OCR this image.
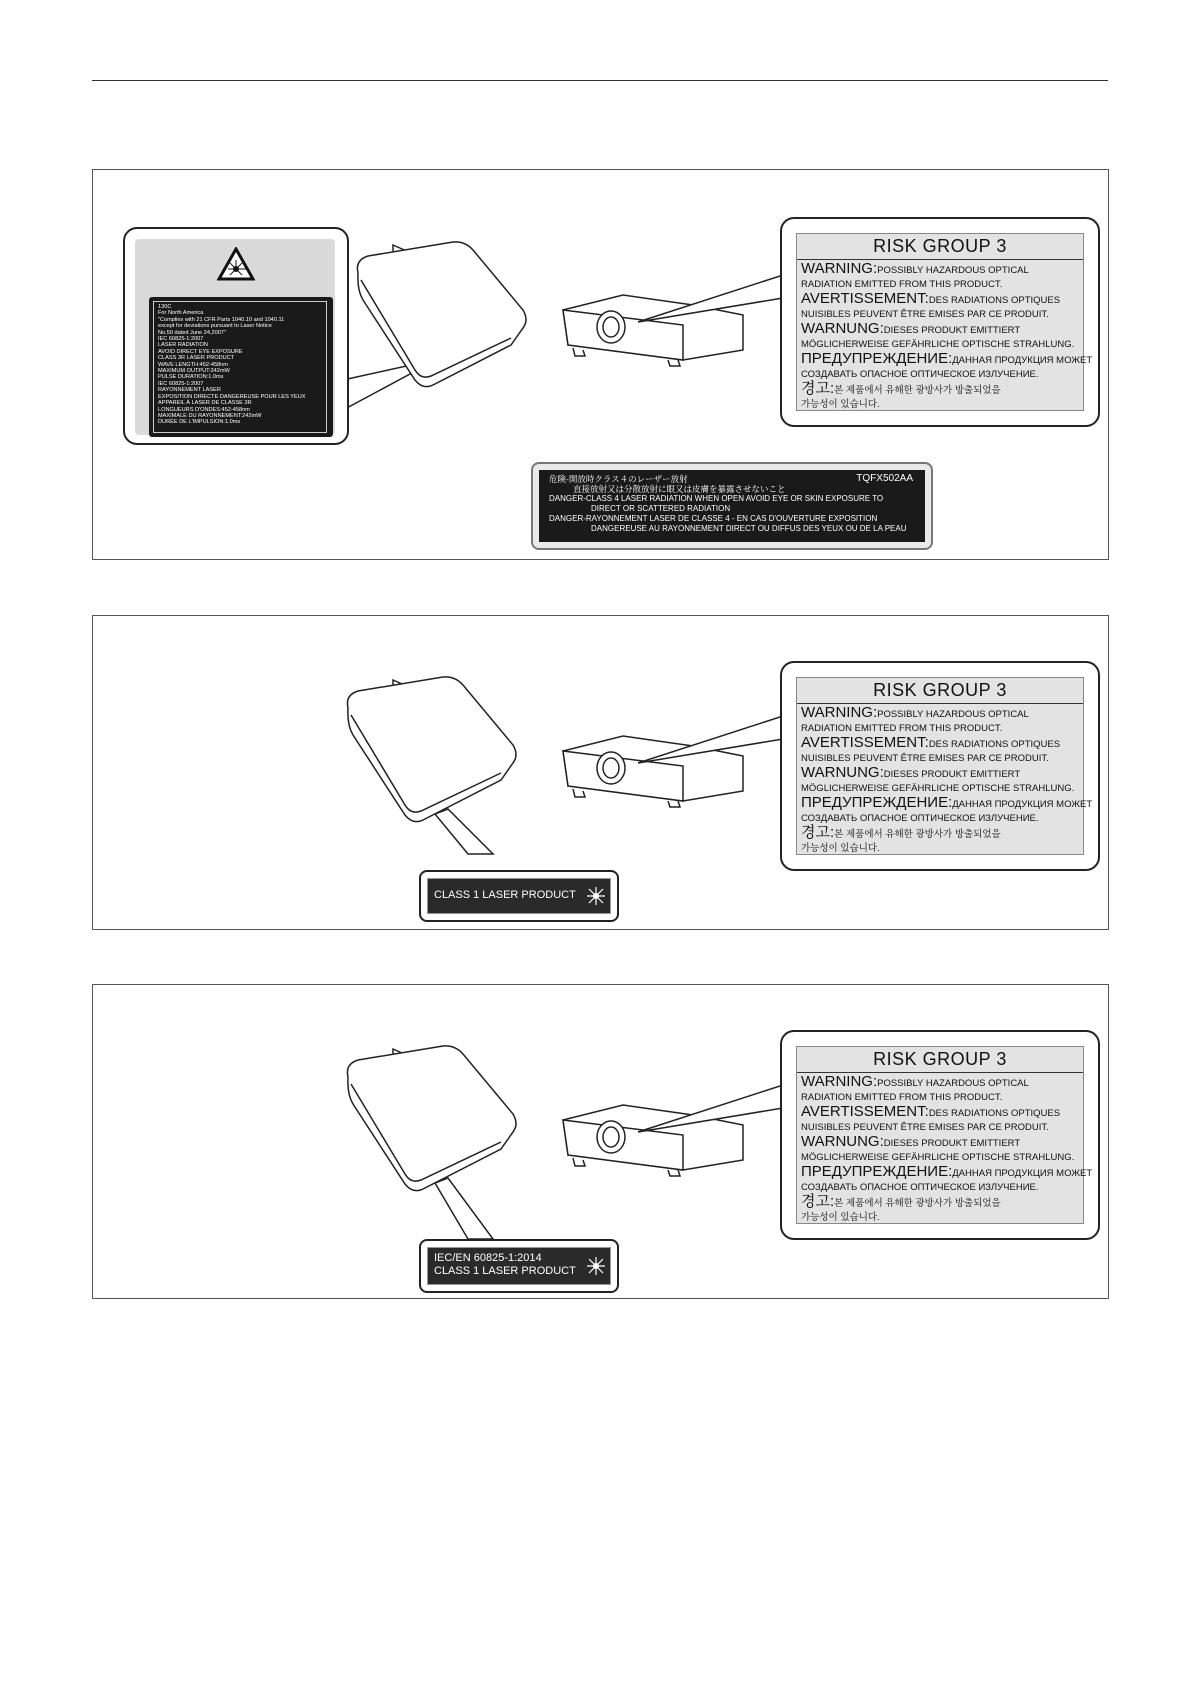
130C
For North America
"Complies with 21 CFR Parts 1040.10 and 1040.11
except for deviations pursuant to Laser Notice
No.50 dated June 24,2007"
IEC 60825-1:2007
LASER RADIATION
AVOID DIRECT EYE EXPOSURE
CLASS 3R LASER PRODUCT
WAVE LENGTH:452-458nm
MAXIMUM OUTPUT:242mW
PULSE DURATION:1.0ms
IEC 60825-1:2007
RAYONNEMENT LASER
EXPOSITION DIRECTE DANGEREUSE POUR LES YEUX
APPAREIL À LASER DE CLASSE 3R
LONGUEURS D'ONDES:452-458nm
MAXIMALE DU RAYONNEMENT:242mW
DURÉE DE L'IMPULSION:1.0ms
RISK GROUP 3
WARNING:POSSIBLY HAZARDOUS OPTICAL
RADIATION EMITTED FROM THIS PRODUCT.
AVERTISSEMENT:DES RADIATIONS OPTIQUES
NUISIBLES PEUVENT ÊTRE EMISES PAR CE PRODUIT.
WARNUNG:DIESES PRODUKT EMITTIERT
MÖGLICHERWEISE GEFÄHRLICHE OPTISCHE STRAHLUNG.
ПРЕДУПРЕЖДЕНИЕ:ДАННАЯ ПРОДУКЦИЯ МОЖЕТ
СОЗДАВАТЬ ОПАСНОЕ ОПТИЧЕСКОЕ ИЗЛУЧЕНИЕ.
경고:본 제품에서 유해한 광방사가 방출되었을
가능성이 있습니다.
危険-開放時クラス４のレーザー放射
直接放射又は分散放射に眼又は皮膚を暴露させないこと
TQFX502AA
DANGER-CLASS 4 LASER RADIATION WHEN OPEN AVOID EYE OR SKIN EXPOSURE TO
DIRECT OR SCATTERED RADIATION
DANGER-RAYONNEMENT LASER DE CLASSE 4 - EN CAS D'OUVERTURE EXPOSITION
DANGEREUSE AU RAYONNEMENT DIRECT OU DIFFUS DES YEUX OU DE LA PEAU
RISK GROUP 3
WARNING:POSSIBLY HAZARDOUS OPTICAL
RADIATION EMITTED FROM THIS PRODUCT.
AVERTISSEMENT:DES RADIATIONS OPTIQUES
NUISIBLES PEUVENT ÊTRE EMISES PAR CE PRODUIT.
WARNUNG:DIESES PRODUKT EMITTIERT
MÖGLICHERWEISE GEFÄHRLICHE OPTISCHE STRAHLUNG.
ПРЕДУПРЕЖДЕНИЕ:ДАННАЯ ПРОДУКЦИЯ МОЖЕТ
СОЗДАВАТЬ ОПАСНОЕ ОПТИЧЕСКОЕ ИЗЛУЧЕНИЕ.
경고:본 제품에서 유해한 광방사가 방출되었을
가능성이 있습니다.
CLASS 1 LASER PRODUCT
RISK GROUP 3
WARNING:POSSIBLY HAZARDOUS OPTICAL
RADIATION EMITTED FROM THIS PRODUCT.
AVERTISSEMENT:DES RADIATIONS OPTIQUES
NUISIBLES PEUVENT ÊTRE EMISES PAR CE PRODUIT.
WARNUNG:DIESES PRODUKT EMITTIERT
MÖGLICHERWEISE GEFÄHRLICHE OPTISCHE STRAHLUNG.
ПРЕДУПРЕЖДЕНИЕ:ДАННАЯ ПРОДУКЦИЯ МОЖЕТ
СОЗДАВАТЬ ОПАСНОЕ ОПТИЧЕСКОЕ ИЗЛУЧЕНИЕ.
경고:본 제품에서 유해한 광방사가 방출되었을
가능성이 있습니다.
IEC/EN 60825-1:2014
CLASS 1 LASER PRODUCT
